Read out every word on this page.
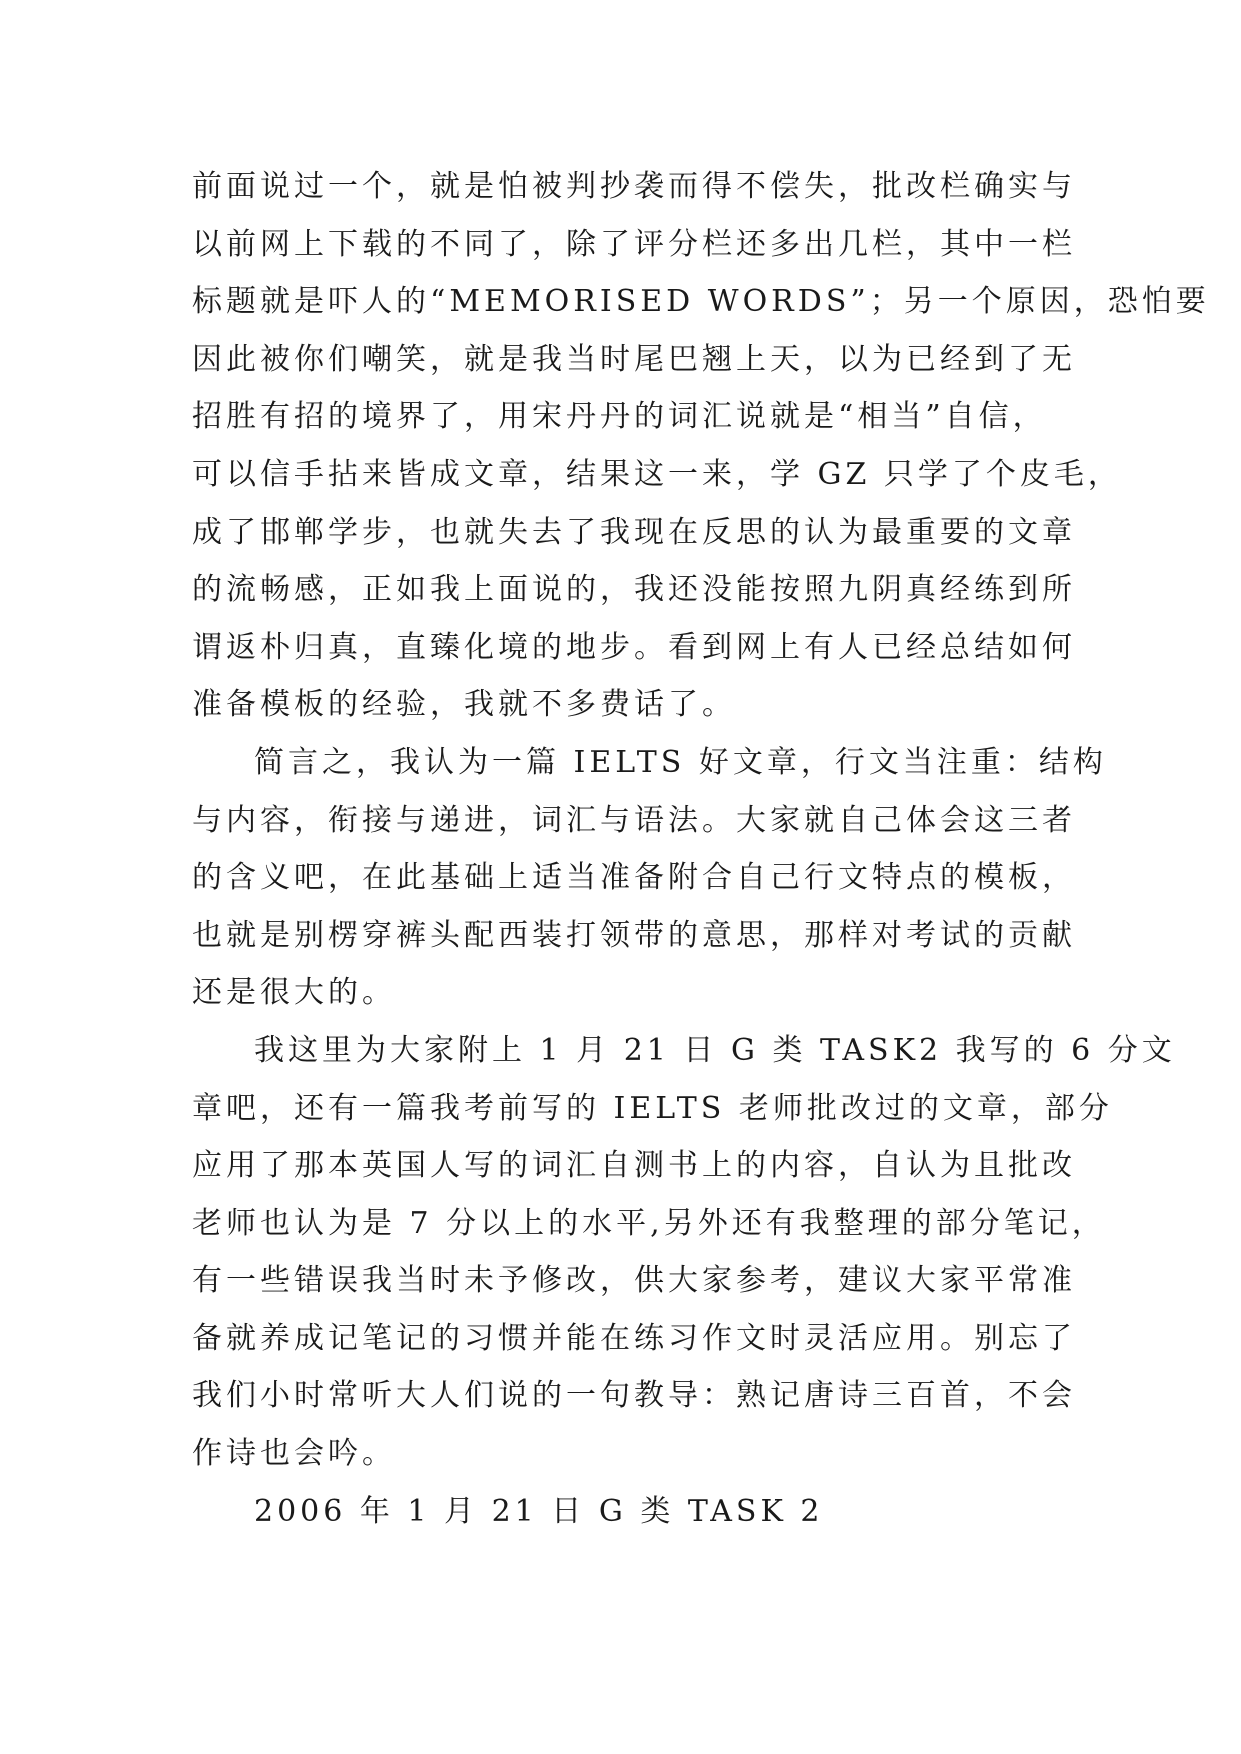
前面说过一个，就是怕被判抄袭而得不偿失，批改栏确实与
以前网上下载的不同了，除了评分栏还多出几栏，其中一栏
标题就是吓人的“MEMORISED WORDS”；另一个原因，恐怕要
因此被你们嘲笑，就是我当时尾巴翘上天，以为已经到了无
招胜有招的境界了，用宋丹丹的词汇说就是“相当”自信，
可以信手拈来皆成文章，结果这一来，学 GZ 只学了个皮毛，
成了邯郸学步，也就失去了我现在反思的认为最重要的文章
的流畅感，正如我上面说的，我还没能按照九阴真经练到所
谓返朴归真，直臻化境的地步。看到网上有人已经总结如何
准备模板的经验，我就不多费话了。
简言之，我认为一篇 IELTS 好文章，行文当注重：结构
与内容，衔接与递进，词汇与语法。大家就自己体会这三者
的含义吧，在此基础上适当准备附合自己行文特点的模板，
也就是别楞穿裤头配西装打领带的意思，那样对考试的贡献
还是很大的。
我这里为大家附上 1 月 21 日 G 类 TASK2 我写的 6 分文
章吧，还有一篇我考前写的 IELTS 老师批改过的文章，部分
应用了那本英国人写的词汇自测书上的内容，自认为且批改
老师也认为是 7 分以上的水平,另外还有我整理的部分笔记，
有一些错误我当时未予修改，供大家参考，建议大家平常准
备就养成记笔记的习惯并能在练习作文时灵活应用。别忘了
我们小时常听大人们说的一句教导：熟记唐诗三百首，不会
作诗也会吟。
2006 年 1 月 21 日 G 类 TASK 2
